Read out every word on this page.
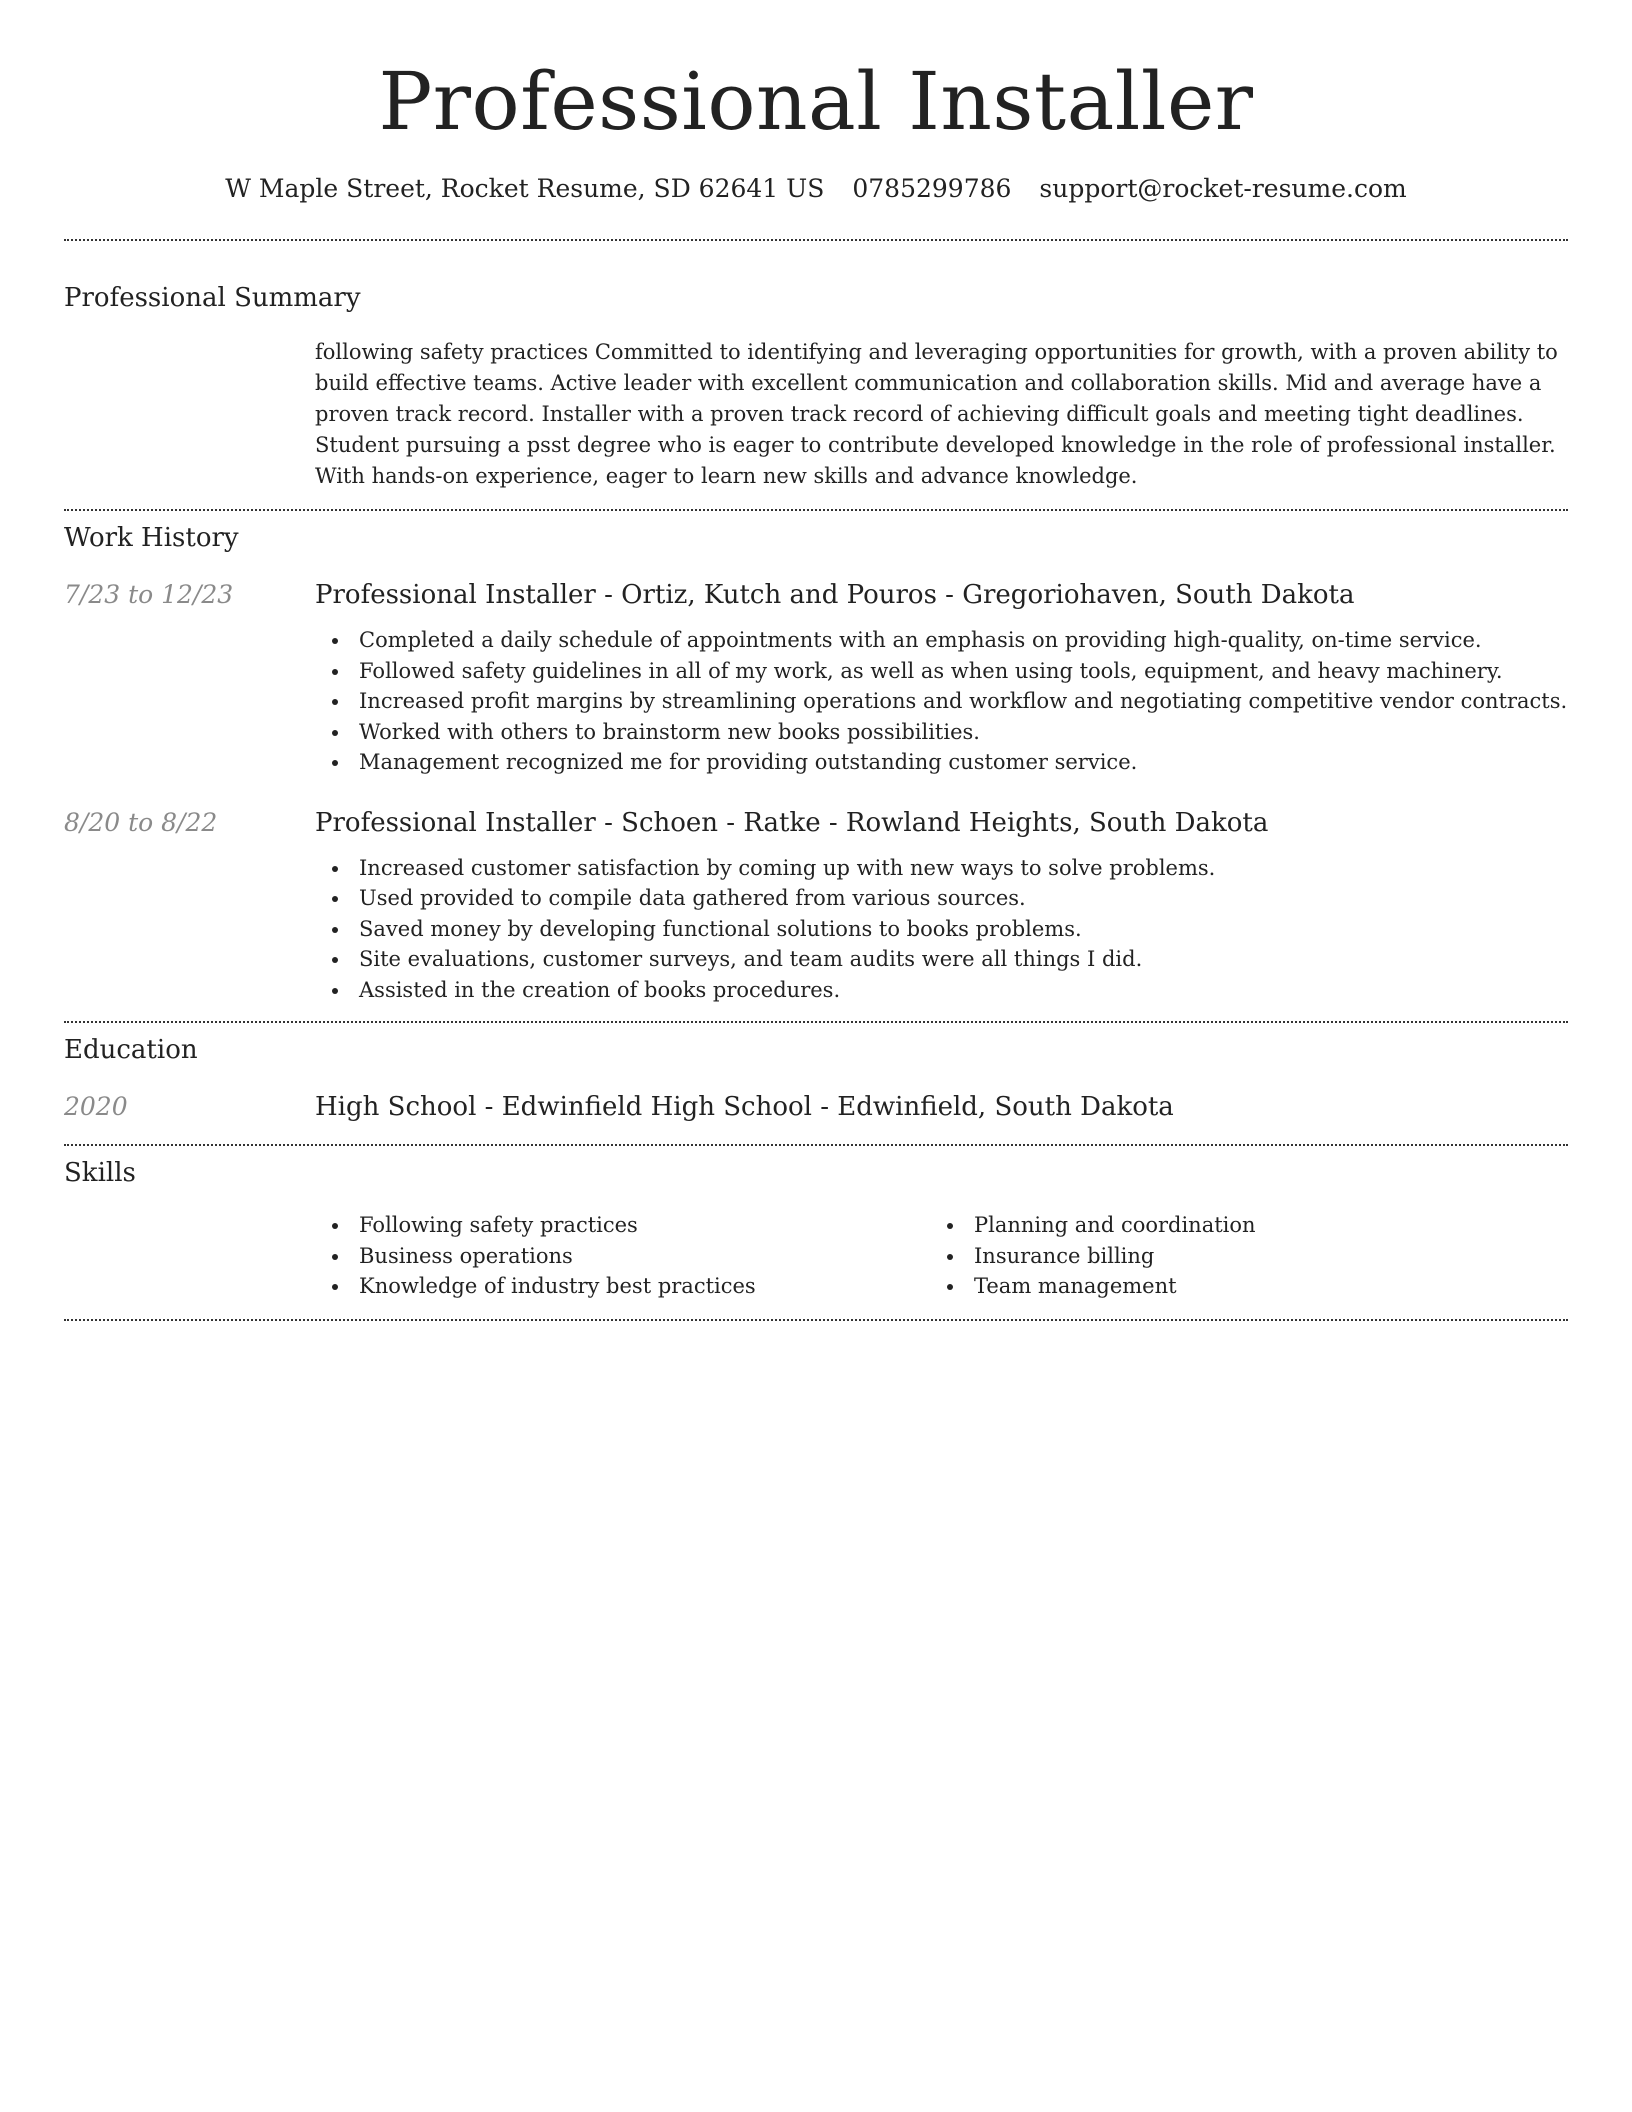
Professional Installer
W Maple Street, Rocket Resume, SD 62641 US 0785299786 support@rocket-resume.com
Professional Summary

following safety practices Committed to identifying and leveraging opportunities for growth, with a proven ability to build effective teams. Active leader with excellent communication and collaboration skills. Mid and average have a proven track record. Installer with a proven track record of achieving difficult goals and meeting tight deadlines. Student pursuing a psst degree who is eager to contribute developed knowledge in the role of professional installer. With hands-on experience, eager to learn new skills and advance knowledge.

Work History
7/23 to 12/23	Professional Installer - Ortiz, Kutch and Pouros - Gregoriohaven, South Dakota
Completed a daily schedule of appointments with an emphasis on providing high-quality, on-time service.
Followed safety guidelines in all of my work, as well as when using tools, equipment, and heavy machinery.
Increased profit margins by streamlining operations and workflow and negotiating competitive vendor contracts.
Worked with others to brainstorm new books possibilities.
Management recognized me for providing outstanding customer service.
8/20 to 8/22	Professional Installer - Schoen - Ratke - Rowland Heights, South Dakota
Increased customer satisfaction by coming up with new ways to solve problems.
Used provided to compile data gathered from various sources.
Saved money by developing functional solutions to books problems.
Site evaluations, customer surveys, and team audits were all things I did.
Assisted in the creation of books procedures.
Education
2020	High School - Edwinfield High School - Edwinfield, South Dakota
Skills
Following safety practices
Business operations
Knowledge of industry best practices
Planning and coordination
Insurance billing
Team management
